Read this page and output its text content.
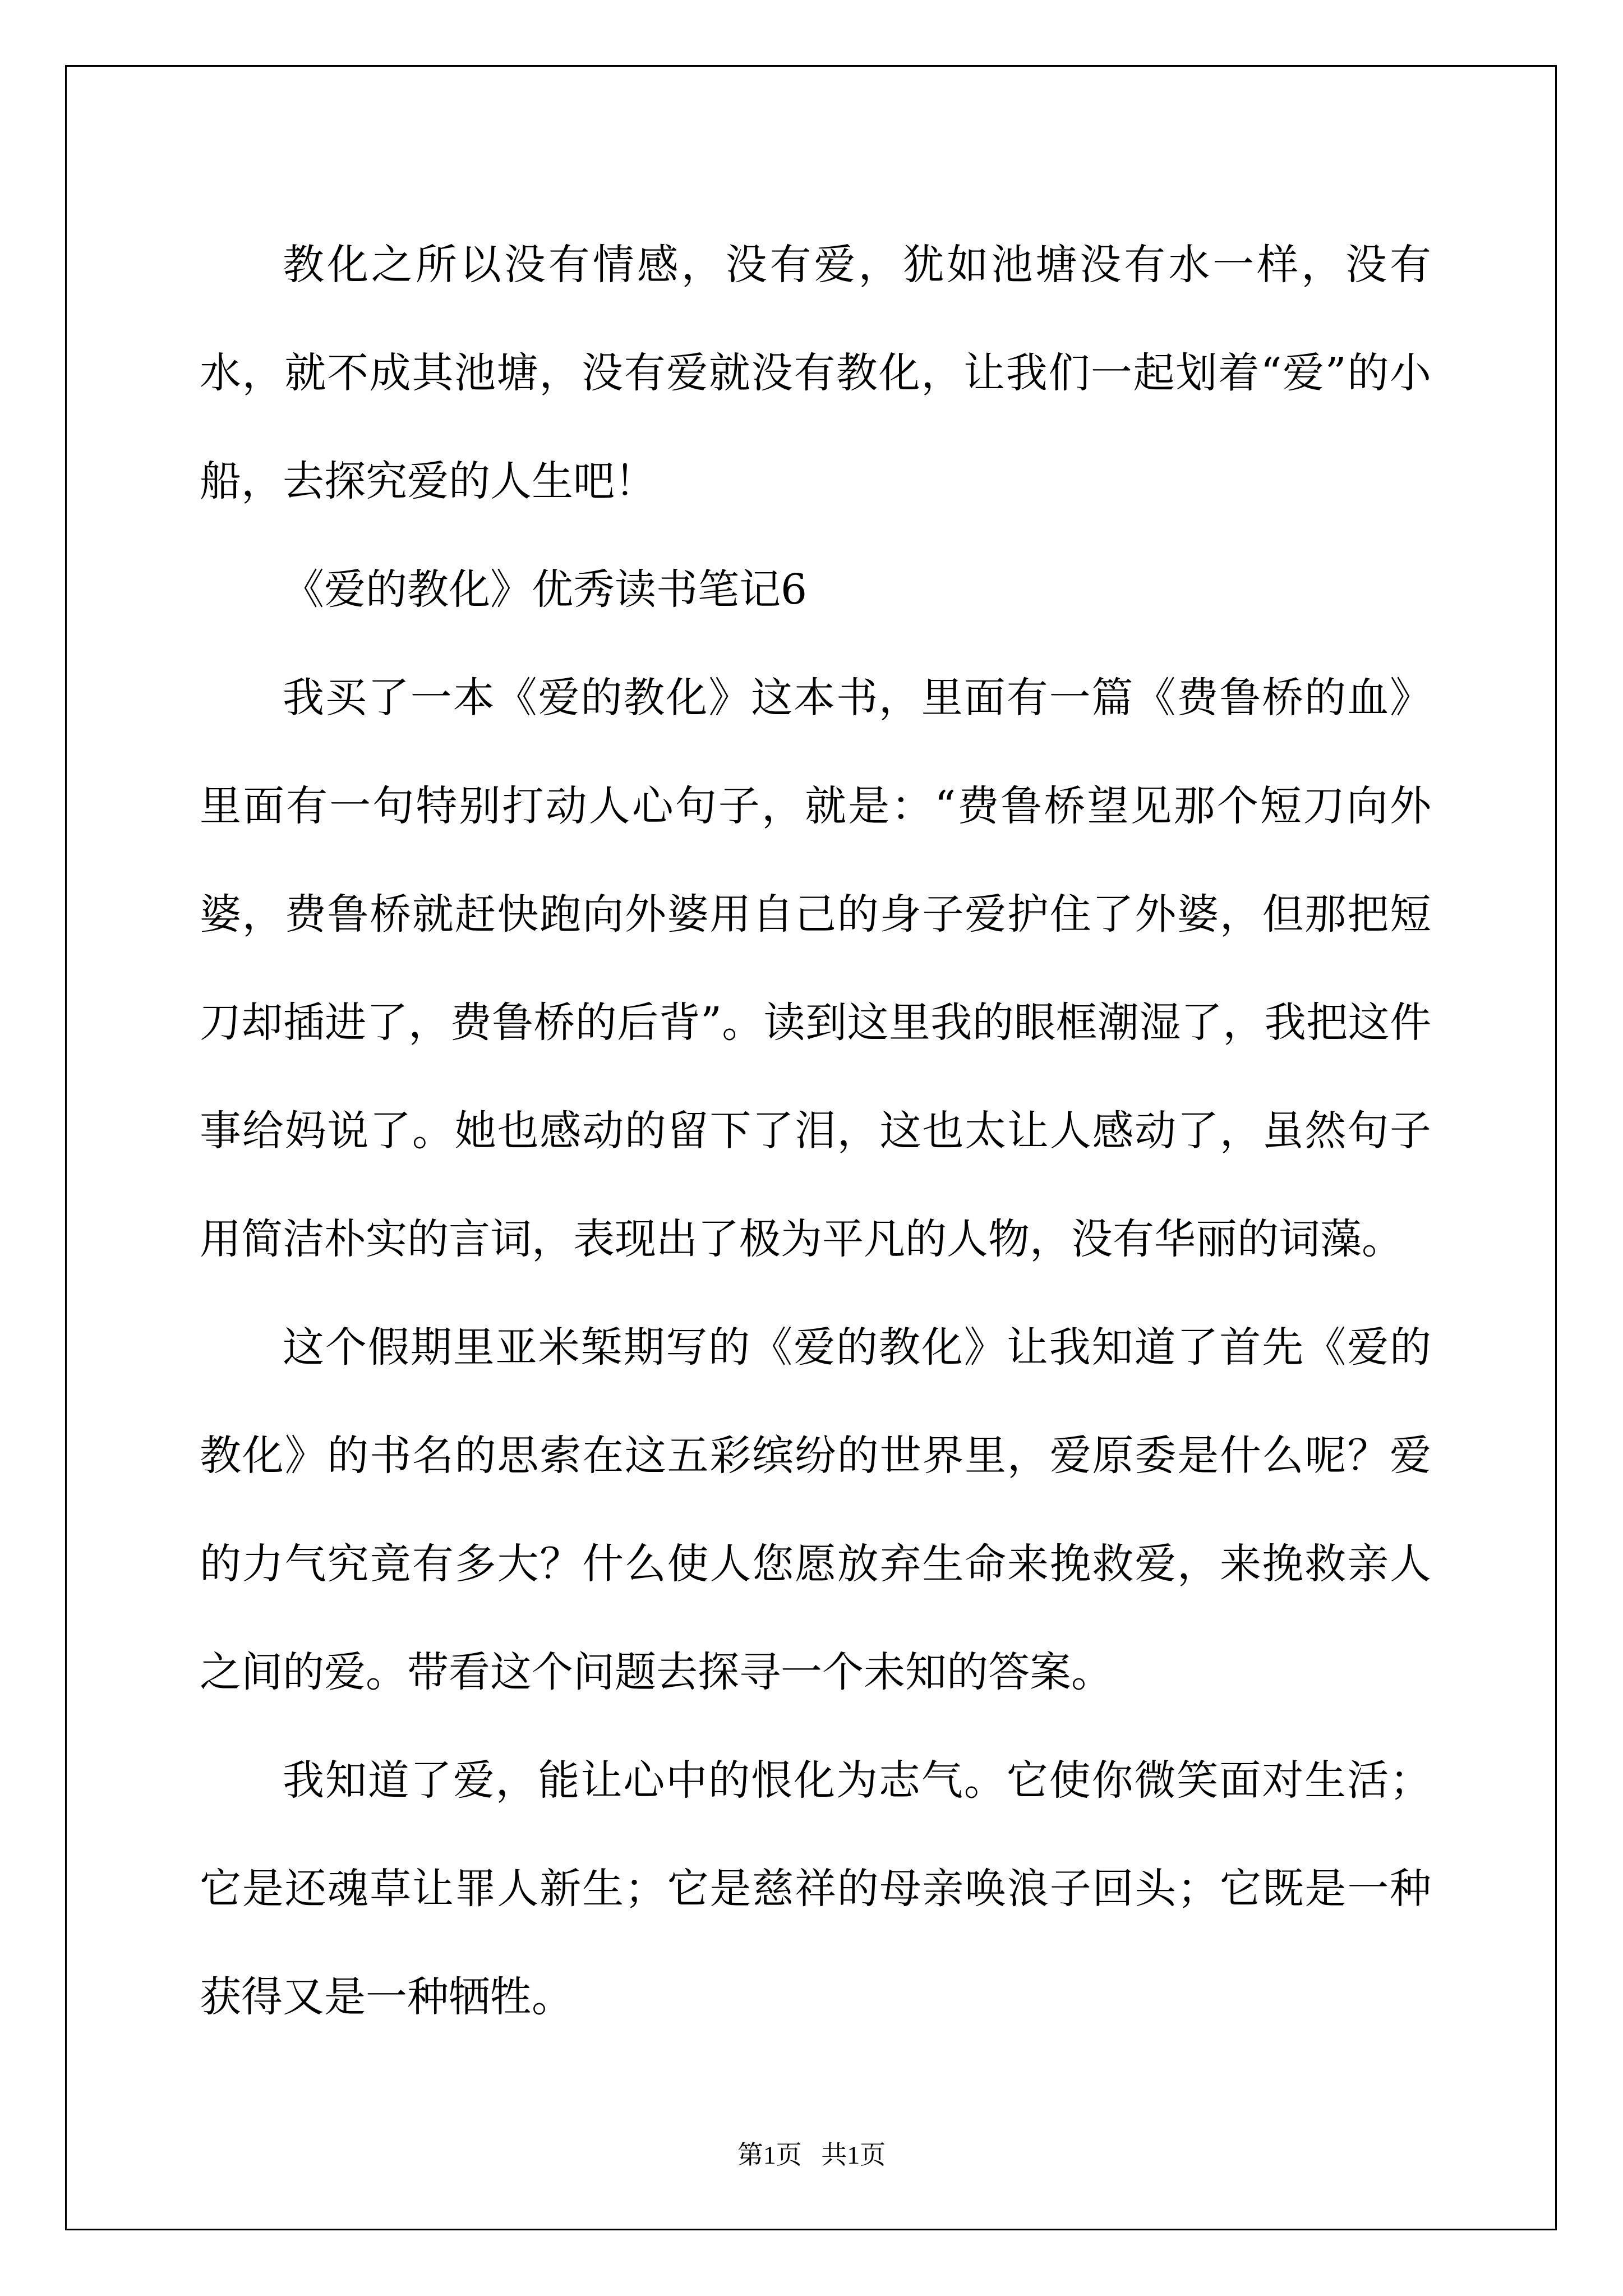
教化之所以没有情感，没有爱，犹如池塘没有水一样，没有水，就不成其池塘，没有爱就没有教化，让我们一起划着“爱”的小船，去探究爱的人生吧！

《爱的教化》优秀读书笔记6

我买了一本《爱的教化》这本书，里面有一篇《费鲁桥的血》里面有一句特别打动人心句子，就是：“费鲁桥望见那个短刀向外婆，费鲁桥就赶快跑向外婆用自己的身子爱护住了外婆，但那把短刀却插进了，费鲁桥的后背”。读到这里我的眼框潮湿了，我把这件事给妈说了。她也感动的留下了泪，这也太让人感动了，虽然句子用简洁朴实的言词，表现出了极为平凡的人物，没有华丽的词藻。

这个假期里亚米椠期写的《爱的教化》让我知道了首先《爱的教化》的书名的思索在这五彩缤纷的世界里，爱原委是什么呢？爱的力气究竟有多大？什么使人您愿放弃生命来挽救爱，来挽救亲人之间的爱。带看这个问题去探寻一个未知的答案。

我知道了爱，能让心中的恨化为志气。它使你微笑面对生活；它是还魂草让罪人新生；它是慈祥的母亲唤浪子回头；它既是一种获得又是一种牺牲。

第1页 共1页
